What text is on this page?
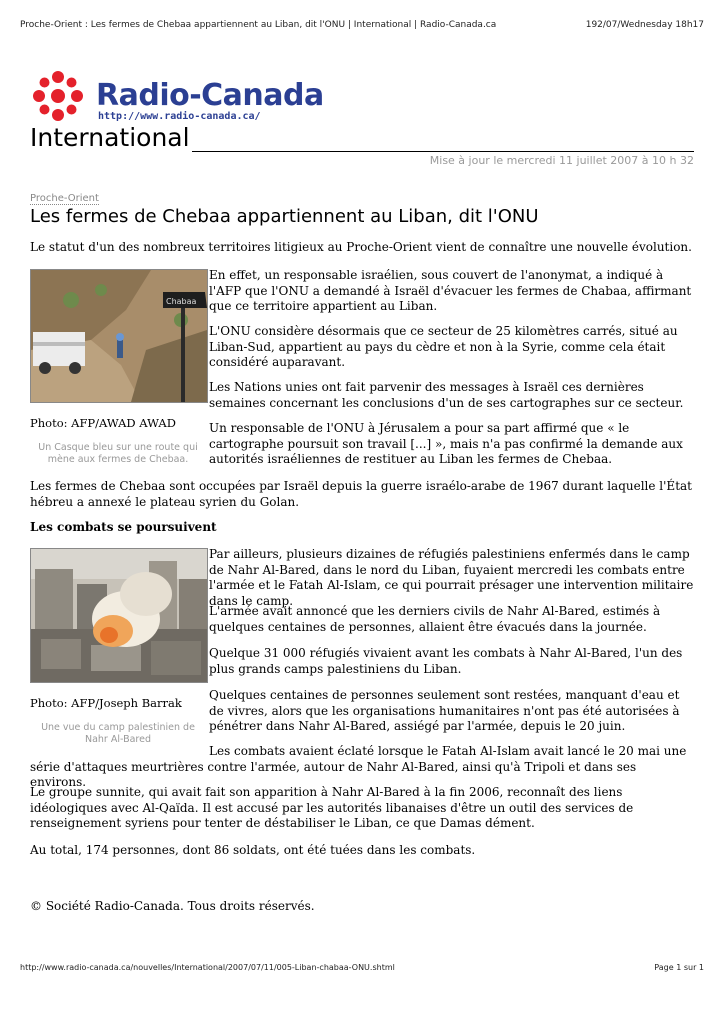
Proche-Orient : Les fermes de Chebaa appartiennent au Liban, dit l'ONU | International | Radio-Canada.ca	192/07/Wednesday 18h17
Radio-Canada
http://www.radio-canada.ca/
International
Mise à jour le mercredi 11 juillet 2007 à 10 h 32
Proche-Orient
Les fermes de Chebaa appartiennent au Liban, dit l'ONU

Le statut d'un des nombreux territoires litigieux au Proche-Orient vient de connaître une nouvelle évolution.

Chabaa
Photo: AFP/AWAD AWAD

Un Casque bleu sur une route qui mène aux fermes de Chebaa.

En effet, un responsable israélien, sous couvert de l'anonymat, a indiqué à l'AFP que l'ONU a demandé à Israël d'évacuer les fermes de Chabaa, affirmant que ce territoire appartient au Liban.

L'ONU considère désormais que ce secteur de 25 kilomètres carrés, situé au Liban-Sud, appartient au pays du cèdre et non à la Syrie, comme cela était considéré auparavant.

Les Nations unies ont fait parvenir des messages à Israël ces dernières semaines concernant les conclusions d'un de ses cartographes sur ce secteur.

Un responsable de l'ONU à Jérusalem a pour sa part affirmé que « le cartographe poursuit son travail [...] », mais n'a pas confirmé la demande aux autorités israéliennes de restituer au Liban les fermes de Chebaa.

Les fermes de Chebaa sont occupées par Israël depuis la guerre israélo-arabe de 1967 durant laquelle l'État hébreu a annexé le plateau syrien du Golan.

Les combats se poursuivent
Photo: AFP/Joseph Barrak

Une vue du camp palestinien de Nahr Al-Bared

Par ailleurs, plusieurs dizaines de réfugiés palestiniens enfermés dans le camp de Nahr Al-Bared, dans le nord du Liban, fuyaient mercredi les combats entre l'armée et le Fatah Al-Islam, ce qui pourrait présager une intervention militaire dans le camp.

L'armée avait annoncé que les derniers civils de Nahr Al-Bared, estimés à quelques centaines de personnes, allaient être évacués dans la journée.

Quelque 31 000 réfugiés vivaient avant les combats à Nahr Al-Bared, l'un des plus grands camps palestiniens du Liban.

Quelques centaines de personnes seulement sont restées, manquant d'eau et de vivres, alors que les organisations humanitaires n'ont pas été autorisées à pénétrer dans Nahr Al-Bared, assiégé par l'armée, depuis le 20 juin.

Les combats avaient éclaté lorsque le Fatah Al-Islam avait lancé le 20 mai une série d'attaques meurtrières contre l'armée, autour de Nahr Al-Bared, ainsi qu'à Tripoli et dans ses environs.

Le groupe sunnite, qui avait fait son apparition à Nahr Al-Bared à la fin 2006, reconnaît des liens idéologiques avec Al-Qaïda. Il est accusé par les autorités libanaises d'être un outil des services de renseignement syriens pour tenter de déstabiliser le Liban, ce que Damas dément.

Au total, 174 personnes, dont 86 soldats, ont été tuées dans les combats.

© Société Radio-Canada. Tous droits réservés.

http://www.radio-canada.ca/nouvelles/International/2007/07/11/005-Liban-chabaa-ONU.shtml	Page 1 sur 1
